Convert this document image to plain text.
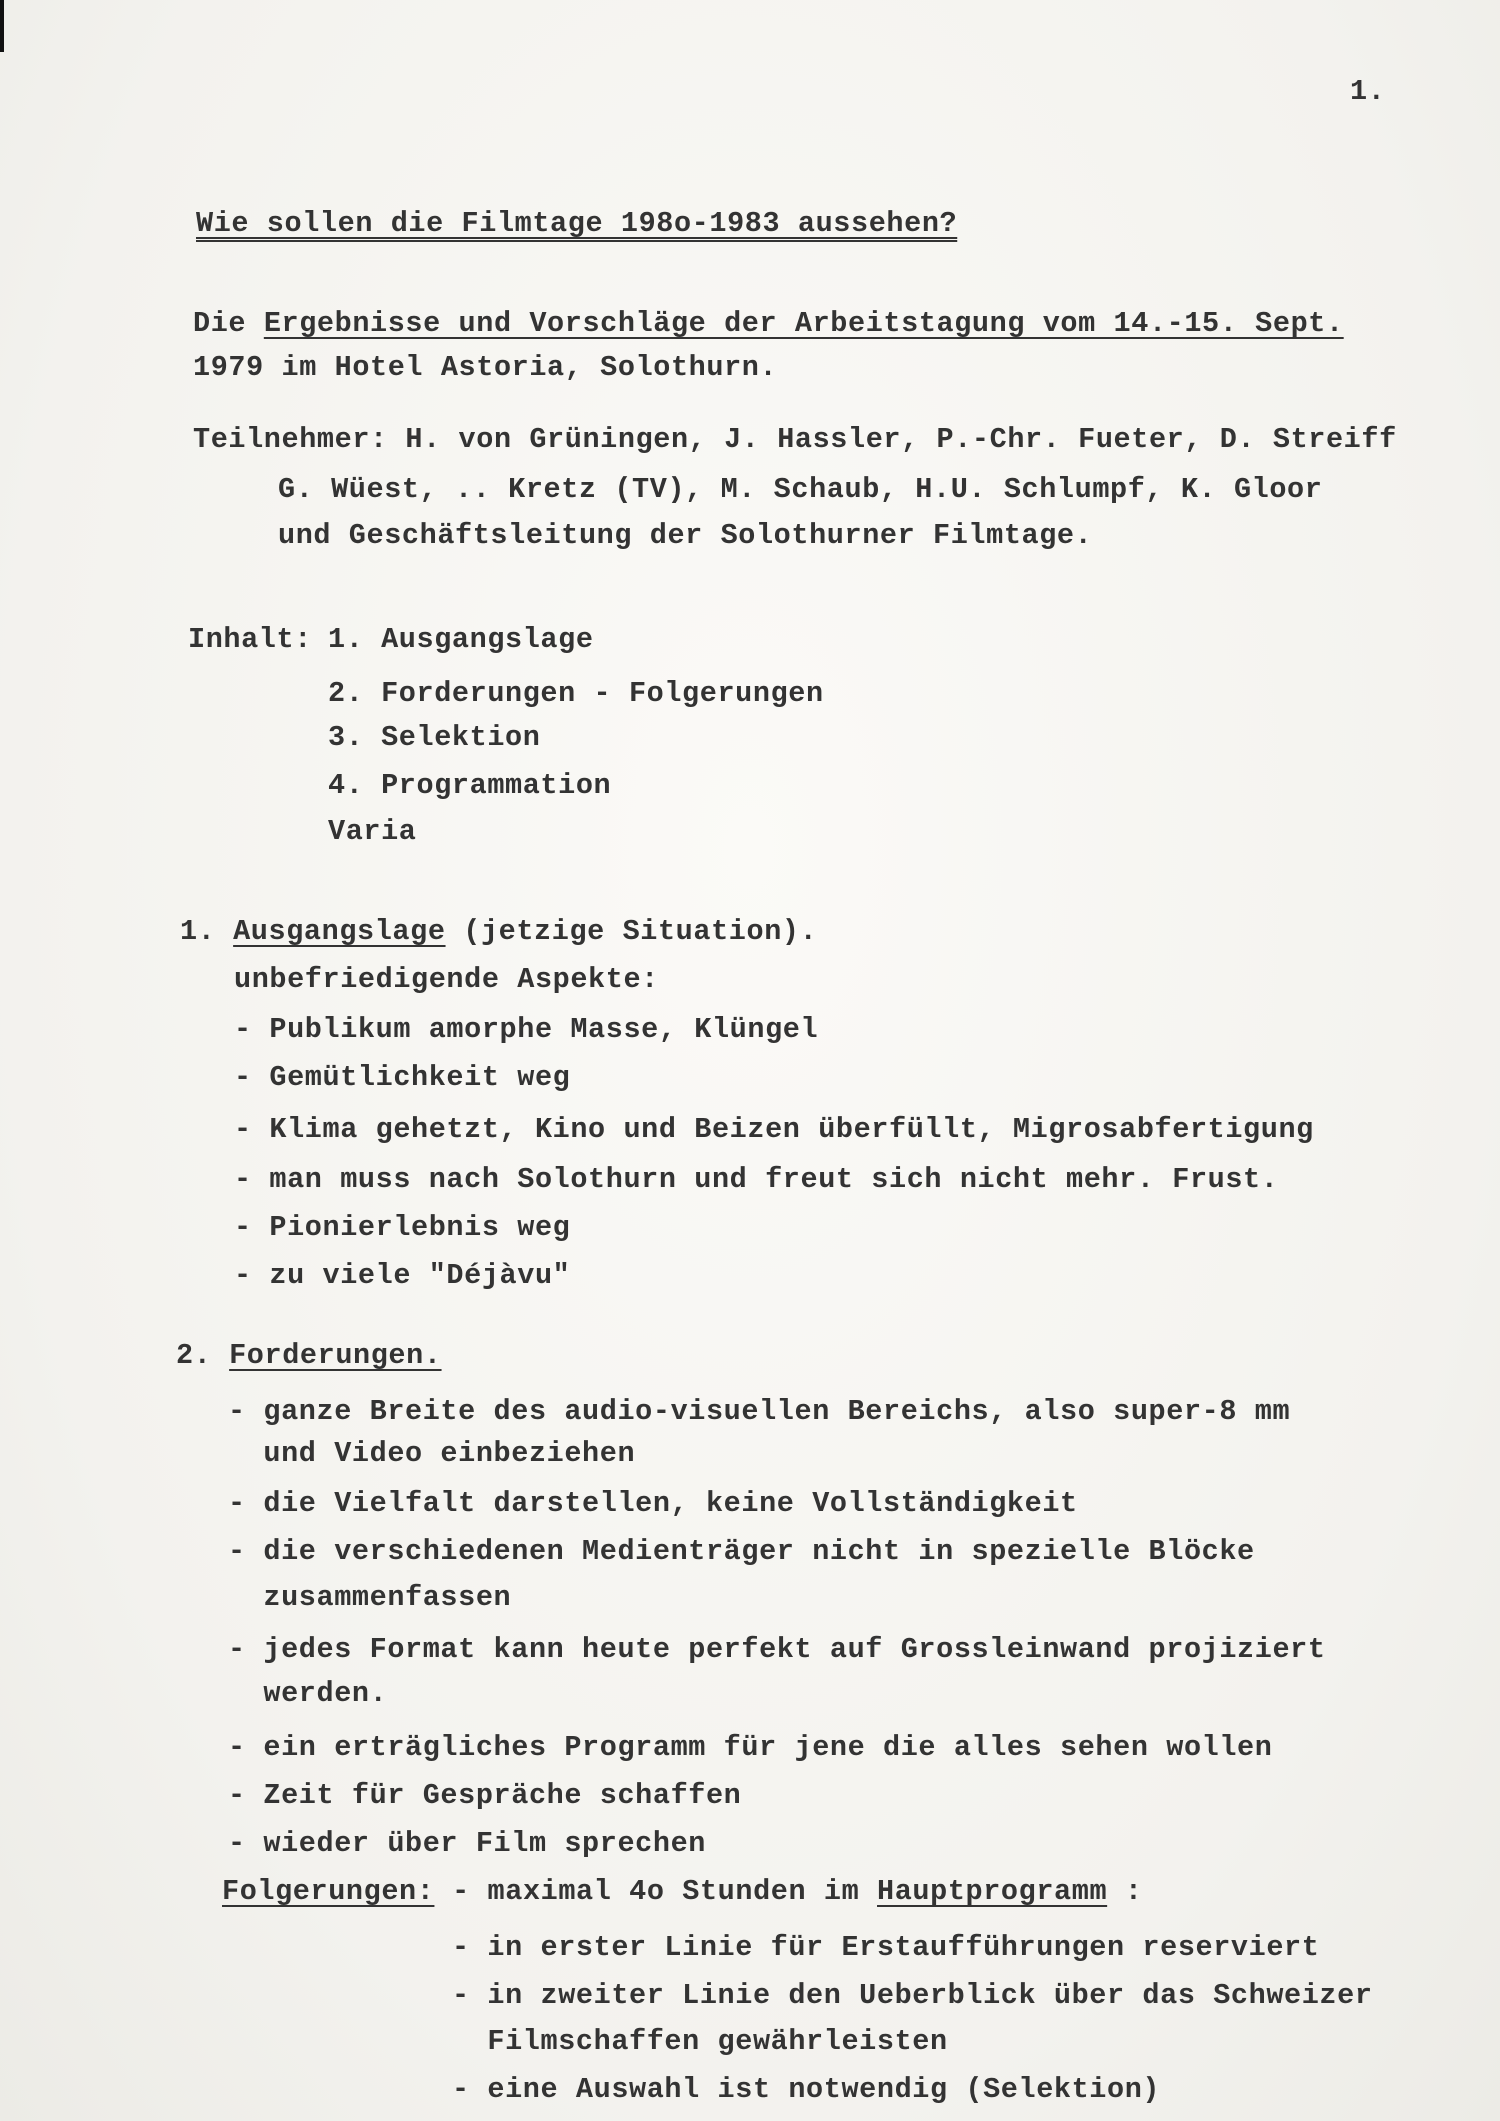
1.
Wie sollen die Filmtage 198o-1983 aussehen?
Die Ergebnisse und Vorschläge der Arbeitstagung vom 14.-15. Sept.
1979 im Hotel Astoria, Solothurn.
Teilnehmer: H. von Grüningen, J. Hassler, P.-Chr. Fueter, D. Streiff
G. Wüest, .. Kretz (TV), M. Schaub, H.U. Schlumpf, K. Gloor
und Geschäftsleitung der Solothurner Filmtage.
Inhalt: 1. Ausgangslage
2. Forderungen - Folgerungen
3. Selektion
4. Programmation
Varia
1. Ausgangslage (jetzige Situation).
unbefriedigende Aspekte:
- Publikum amorphe Masse, Klüngel
- Gemütlichkeit weg
- Klima gehetzt, Kino und Beizen überfüllt, Migrosabfertigung
- man muss nach Solothurn und freut sich nicht mehr. Frust.
- Pionierlebnis weg
- zu viele "Déjàvu"
2. Forderungen.
- ganze Breite des audio-visuellen Bereichs, also super-8 mm
und Video einbeziehen
- die Vielfalt darstellen, keine Vollständigkeit
- die verschiedenen Medienträger nicht in spezielle Blöcke
zusammenfassen
- jedes Format kann heute perfekt auf Grossleinwand projiziert
werden.
- ein erträgliches Programm für jene die alles sehen wollen
- Zeit für Gespräche schaffen
- wieder über Film sprechen
Folgerungen: - maximal 4o Stunden im Hauptprogramm :
- in erster Linie für Erstaufführungen reserviert
- in zweiter Linie den Ueberblick über das Schweizer
Filmschaffen gewährleisten
- eine Auswahl ist notwendig (Selektion)
